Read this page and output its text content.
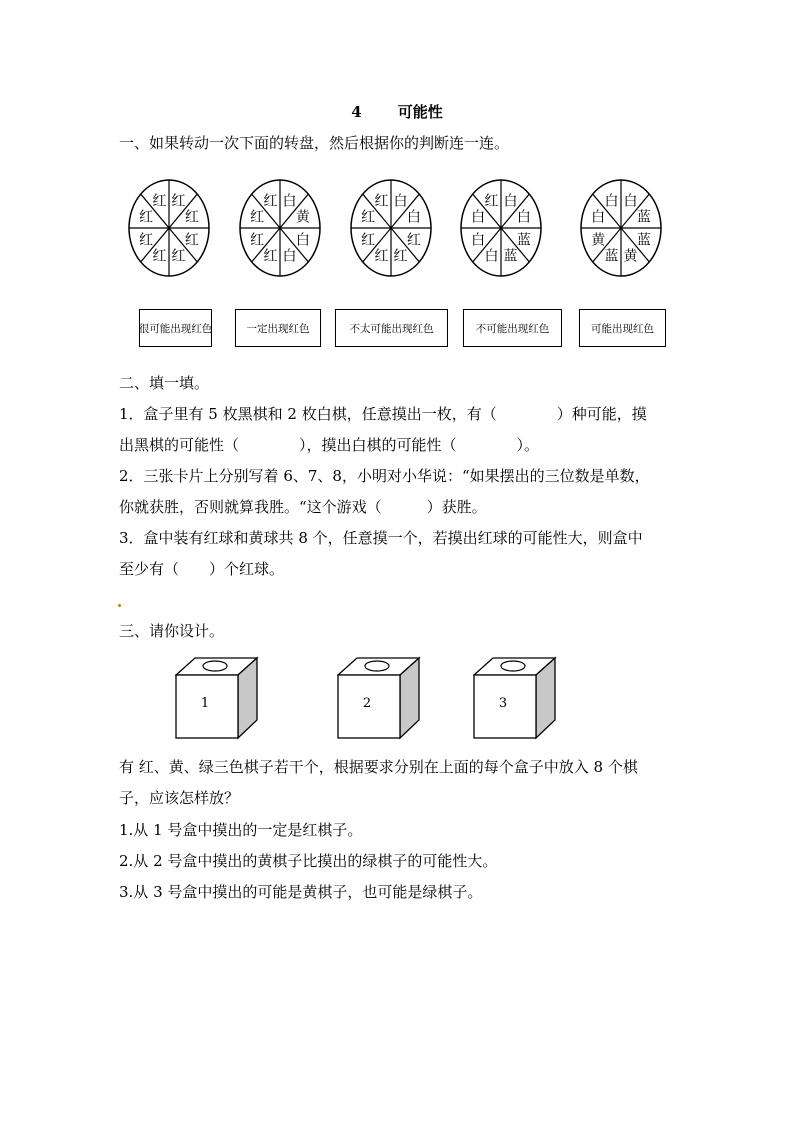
4 可能性
一、如果转动一次下面的转盘，然后根据你的判断连一连。
红
红
红
红
红
红
红
红	白
黄
白
白
红
红
红
红	白
白
红
红
红
红
红
红	白
白
蓝
蓝
白
白
白
红	白
蓝
蓝
黄
蓝
黄
白
白
很可能出现红色	一定出现红色	不太可能出现红色	不可能出现红色	可能出现红色
二、填一填。
1．盒子里有 5 枚黑棋和 2 枚白棋，任意摸出一枚，有（　　　　）种可能，摸
出黑棋的可能性（　　　　），摸出白棋的可能性（　　　　）。
2．三张卡片上分别写着 6、7、8，小明对小华说：“如果摆出的三位数是单数，
你就获胜，否则就算我胜。“这个游戏（　　　）获胜。
3．盒中装有红球和黄球共 8 个，任意摸一个，若摸出红球的可能性大，则盒中
至少有（　　）个红球。
三、请你设计。
1	2	3
有 红、黄、绿三色棋子若干个，根据要求分别在上面的每个盒子中放入 8 个棋
子，应该怎样放？
1.从 1 号盒中摸出的一定是红棋子。
2.从 2 号盒中摸出的黄棋子比摸出的绿棋子的可能性大。
3.从 3 号盒中摸出的可能是黄棋子，也可能是绿棋子。
